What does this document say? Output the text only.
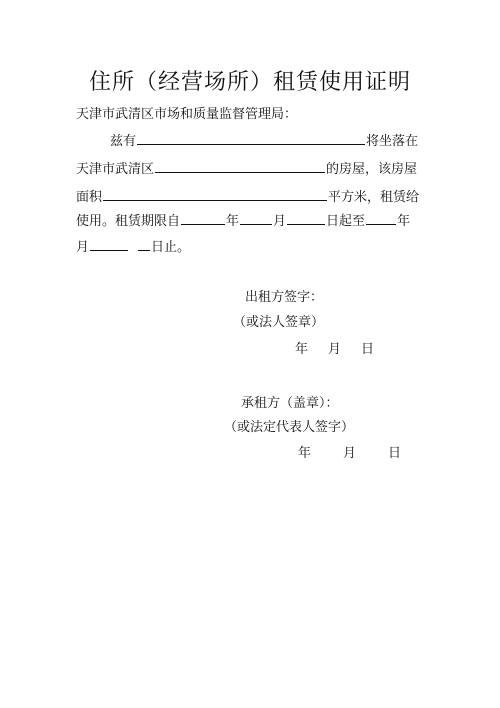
住所（经营场所）租赁使用证明
天津市武清区市场和质量监督管理局：
兹有	将坐落在
天津市武清区	的房屋，该房屋
面积	平方米，租赁给
使用。租赁期限自	年	月	日起至 年
月	日止。
出租方签字：
（或法人签章）
年 月 日
承租方（盖章）：
（或法定代表人签字）
年 月 日
